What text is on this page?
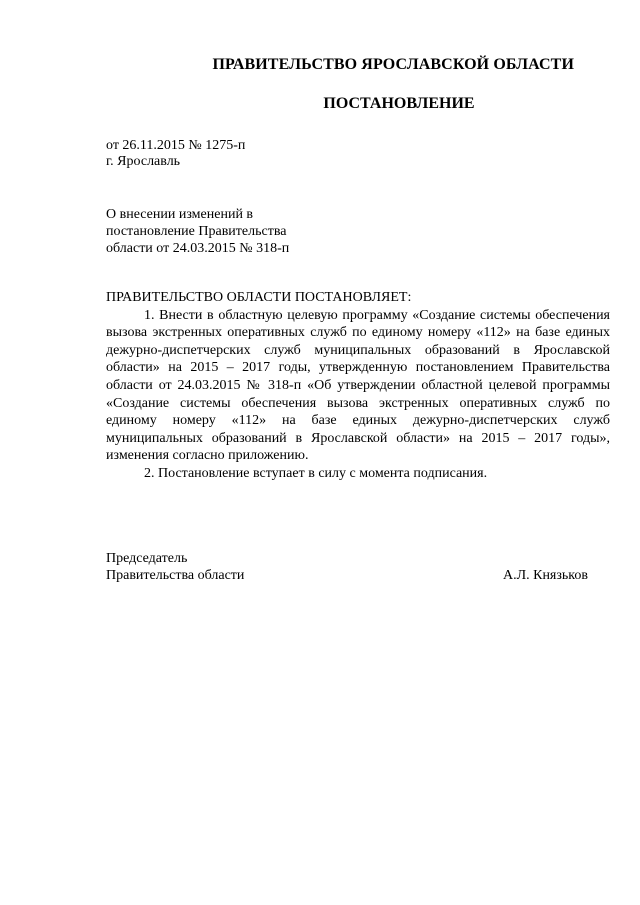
ПРАВИТЕЛЬСТВО ЯРОСЛАВСКОЙ ОБЛАСТИ
ПОСТАНОВЛЕНИЕ
от 26.11.2015 № 1275-п
г. Ярославль
О внесении изменений в
постановление Правительства
области от 24.03.2015 № 318-п

ПРАВИТЕЛЬСТВО ОБЛАСТИ ПОСТАНОВЛЯЕТ:

1. Внести в областную целевую программу «Создание системы обеспечения вызова экстренных оперативных служб по единому номеру «112» на базе единых дежурно-диспетчерских служб муниципальных образований в Ярославской области» на 2015 – 2017 годы, утвержденную постановлением Правительства области от 24.03.2015 № 318-п «Об утверждении областной целевой программы «Создание системы обеспечения вызова экстренных оперативных служб по единому номеру «112» на базе единых дежурно-диспетчерских служб муниципальных образований в Ярославской области» на 2015 – 2017 годы», изменения согласно приложению.

2. Постановление вступает в силу с момента подписания.

Председатель
Правительства области	А.Л. Князьков
